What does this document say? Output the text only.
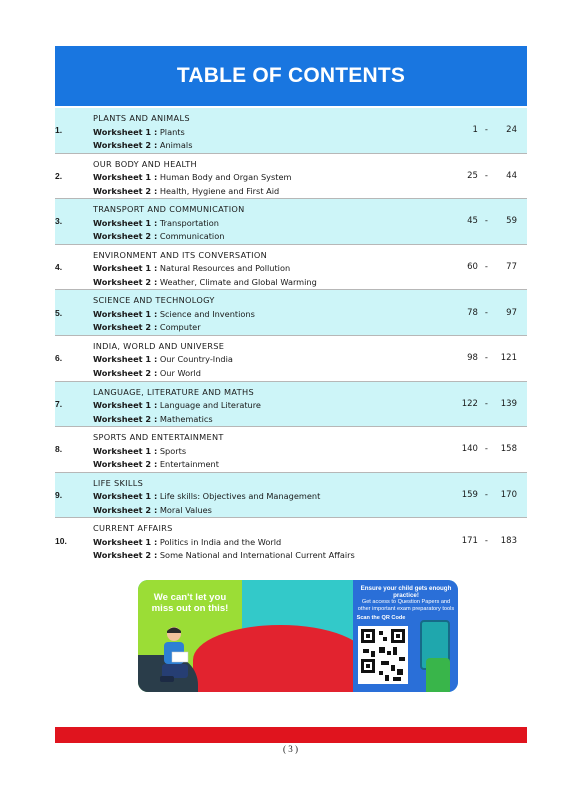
TABLE OF CONTENTS
1.
PLANTS AND ANIMALS
Worksheet 1 : Plants
Worksheet 2 : Animals
1 -	24
2.
OUR BODY AND HEALTH
Worksheet 1 : Human Body and Organ System
Worksheet 2 : Health, Hygiene and First Aid
25 -	44
3.
TRANSPORT AND COMMUNICATION
Worksheet 1 : Transportation
Worksheet 2 : Communication
45 -	59
4.
ENVIRONMENT AND ITS CONVERSATION
Worksheet 1 : Natural Resources and Pollution
Worksheet 2 : Weather, Climate and Global Warming
60 -	77
5.
SCIENCE AND TECHNOLOGY
Worksheet 1 : Science and Inventions
Worksheet 2 : Computer
78 -	97
6.
INDIA, WORLD AND UNIVERSE
Worksheet 1 : Our Country-India
Worksheet 2 : Our World
98 -	121
7.
LANGUAGE, LITERATURE AND MATHS
Worksheet 1 : Language and Literature
Worksheet 2 : Mathematics
122 -	139
8.
SPORTS AND ENTERTAINMENT
Worksheet 1 : Sports
Worksheet 2 : Entertainment
140 -	158
9.
LIFE SKILLS
Worksheet 1 : Life skills: Objectives and Management
Worksheet 2 : Moral Values
159 -	170
10.
CURRENT AFFAIRS
Worksheet 1 : Politics in India and the World
Worksheet 2 : Some National and International Current Affairs
171 -	183
We can't let you miss out on this!
Ensure your child gets enough practice!
Get access to Question Papers and other important exam preparatory tools
Scan the QR Code
( 3 )
